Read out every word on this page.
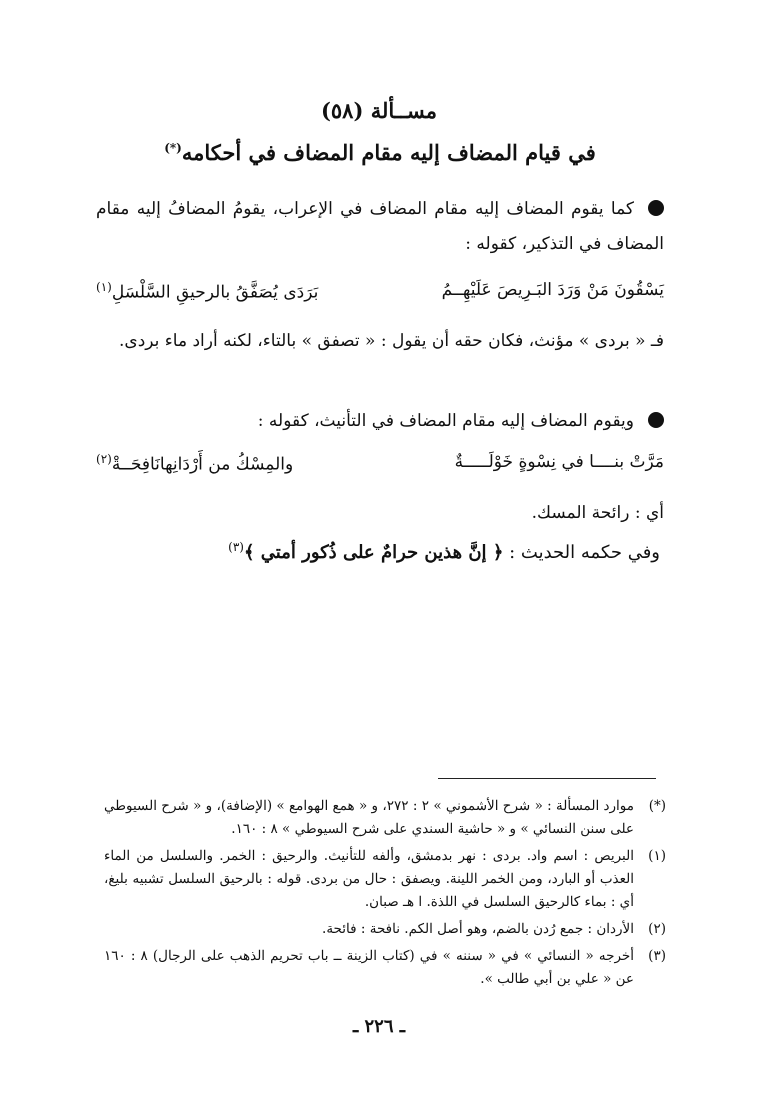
مســألة (٥٨)
في قيام المضاف إليه مقام المضاف في أحكامه(*)
كما يقوم المضاف إليه مقام المضاف في الإعراب، يقومُ المضافُ إليه مقام المضاف في التذكير، كقوله :
يَسْقُونَ مَنْ وَرَدَ البَـرِيصَ عَلَيْهِــمُ
بَرَدَى يُصَفَّقُ بالرحيقِ السَّلْسَلِ$^{(١)}$
فـ « بردى » مؤنث، فكان حقه أن يقول : « تصفق » بالتاء، لكنه أراد ماء بردى.
ويقوم المضاف إليه مقام المضاف في التأنيث، كقوله :
مَرَّتْ بنــــا في نِسْوةٍ خَوْلَـــــةٌ
والمِسْكُ من أَرْدَانِهانَافِحَــةْ$^{(٢)}$
أي : رائحة المسك.
وفي حكمه الحديث : ﴿ إنَّ هذين حرامٌ على ذُكور أمتي ﴾$^{(٣)}$
(*)
موارد المسألة : « شرح الأشموني » ٢ : ٢٧٢، و « همع الهوامع » (الإضافة)، و « شرح السيوطي على سنن النسائي » و « حاشية السندي على شرح السيوطي » ٨ : ١٦٠.
(١)
البريص : اسم واد. بردى : نهر بدمشق، وألفه للتأنيث. والرحيق : الخمر. والسلسل من الماء العذب أو البارد، ومن الخمر اللينة. ويصفق : حال من بردى. قوله : بالرحيق السلسل تشبيه بليغ، أي : بماء كالرحيق السلسل في اللذة. ا هـ صبان.
(٢)
الأردان : جمع رُدن بالضم، وهو أصل الكم. نافحة : فائحة.
(٣)
أخرجه « النسائي » في « سننه » في (كتاب الزينة ــ باب تحريم الذهب على الرجال) ٨ : ١٦٠ عن « علي بن أبي طالب ».
ـ ٢٢٦ ـ
